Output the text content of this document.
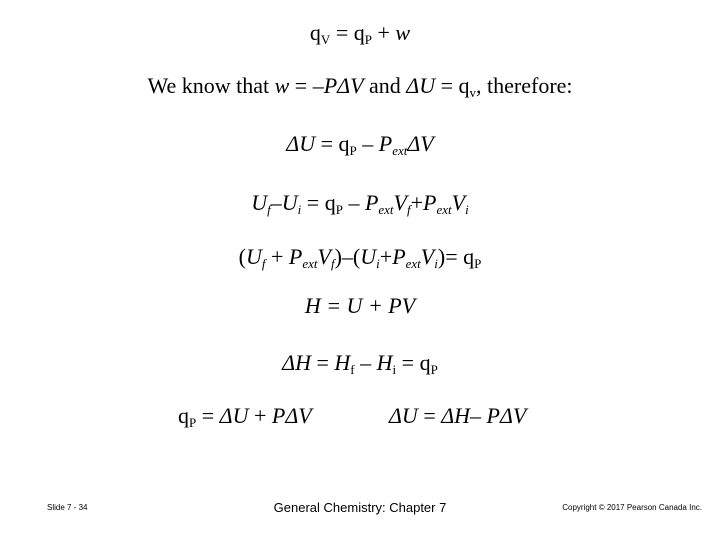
$q_V = q_P + w$
We know that w = –PΔV and $\Delta U = q_v$, therefore:
$\Delta U = q_P - P_{ext}\Delta V$
$U_f-U_i = q_P - P_{ext}V_f+P_{ext}V_i$
$(U_f + P_{ext}V_f)-(U_i+P_{ext}V_i)= q_P$
H = U + PV
$\Delta H = H_f - H_i = q_P$
$q_P = \Delta U + P\Delta V$	ΔU = ΔH– PΔV
Slide 7 - 34	General Chemistry: Chapter 7	Copyright © 2017 Pearson Canada Inc.
